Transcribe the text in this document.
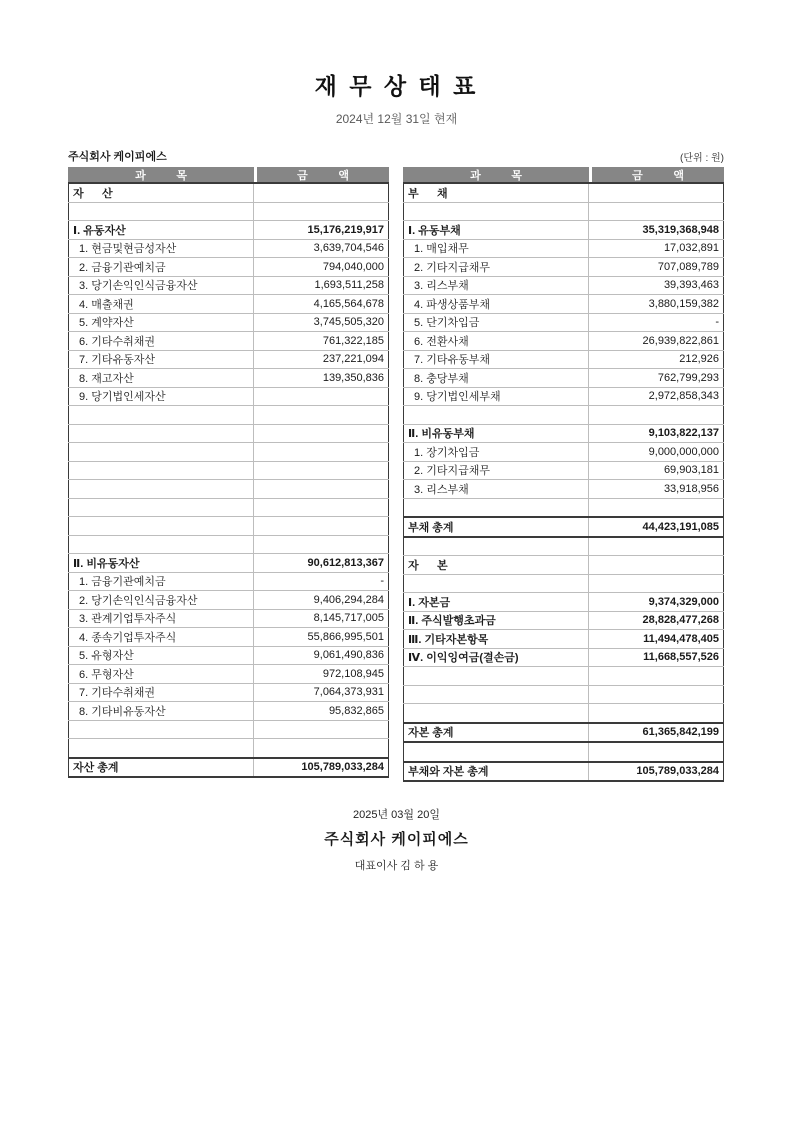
재 무 상 태 표
2024년 12월 31일 현재
주식회사 케이피에스	(단위 : 원)
과          목	금          액
자      산
Ⅰ. 유동자산	15,176,219,917
1. 현금및현금성자산	3,639,704,546
2. 금융기관예치금	794,040,000
3. 당기손익인식금융자산	1,693,511,258
4. 매출채권	4,165,564,678
5. 계약자산	3,745,505,320
6. 기타수취채권	761,322,185
7. 기타유동자산	237,221,094
8. 재고자산	139,350,836
9. 당기법인세자산
Ⅱ. 비유동자산	90,612,813,367
1. 금융기관예치금	-
2. 당기손익인식금융자산	9,406,294,284
3. 관계기업투자주식	8,145,717,005
4. 종속기업투자주식	55,866,995,501
5. 유형자산	9,061,490,836
6. 무형자산	972,108,945
7. 기타수취채권	7,064,373,931
8. 기타비유동자산	95,832,865
자산 총계	105,789,033,284
과          목	금          액
부      채
Ⅰ. 유동부채	35,319,368,948
1. 매입채무	17,032,891
2. 기타지급채무	707,089,789
3. 리스부채	39,393,463
4. 파생상품부채	3,880,159,382
5. 단기차입금	-
6. 전환사채	26,939,822,861
7. 기타유동부채	212,926
8. 충당부채	762,799,293
9. 당기법인세부채	2,972,858,343
Ⅱ. 비유동부채	9,103,822,137
1. 장기차입금	9,000,000,000
2. 기타지급채무	69,903,181
3. 리스부채	33,918,956
부채 총계	44,423,191,085
자      본
Ⅰ. 자본금	9,374,329,000
Ⅱ. 주식발행초과금	28,828,477,268
Ⅲ. 기타자본항목	11,494,478,405
Ⅳ. 이익잉여금(결손금)	11,668,557,526
자본 총계	61,365,842,199
부채와 자본 총계	105,789,033,284
2025년 03월 20일
주식회사 케이피에스
대표이사 김 하 용
